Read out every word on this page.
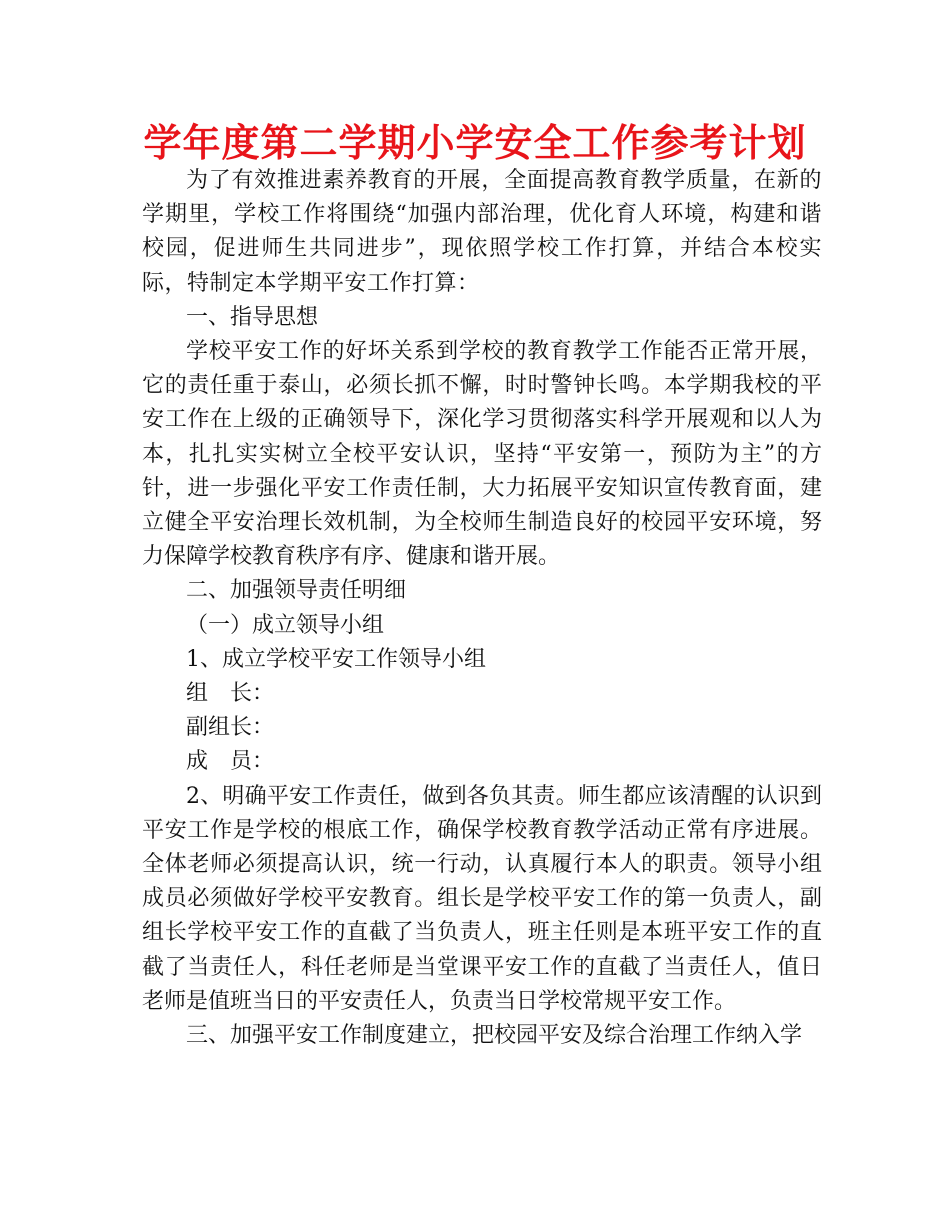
学年度第二学期小学安全工作参考计划

为了有效推进素养教育的开展，全面提高教育教学质量，在新的学期里，学校工作将围绕“加强内部治理，优化育人环境，构建和谐校园，促进师生共同进步”，现依照学校工作打算，并结合本校实际，特制定本学期平安工作打算：

一、指导思想

学校平安工作的好坏关系到学校的教育教学工作能否正常开展，它的责任重于泰山，必须长抓不懈，时时警钟长鸣。本学期我校的平安工作在上级的正确领导下，深化学习贯彻落实科学开展观和以人为本，扎扎实实树立全校平安认识，坚持“平安第一，预防为主”的方针，进一步强化平安工作责任制，大力拓展平安知识宣传教育面，建立健全平安治理长效机制，为全校师生制造良好的校园平安环境，努力保障学校教育秩序有序、健康和谐开展。

二、加强领导责任明细

（一）成立领导小组

1、成立学校平安工作领导小组

组 长：

副组长：

成 员：

2、明确平安工作责任，做到各负其责。师生都应该清醒的认识到平安工作是学校的根底工作，确保学校教育教学活动正常有序进展。全体老师必须提高认识，统一行动，认真履行本人的职责。领导小组成员必须做好学校平安教育。组长是学校平安工作的第一负责人，副组长学校平安工作的直截了当负责人，班主任则是本班平安工作的直截了当责任人，科任老师是当堂课平安工作的直截了当责任人，值日老师是值班当日的平安责任人，负责当日学校常规平安工作。

三、加强平安工作制度建立，把校园平安及综合治理工作纳入学
